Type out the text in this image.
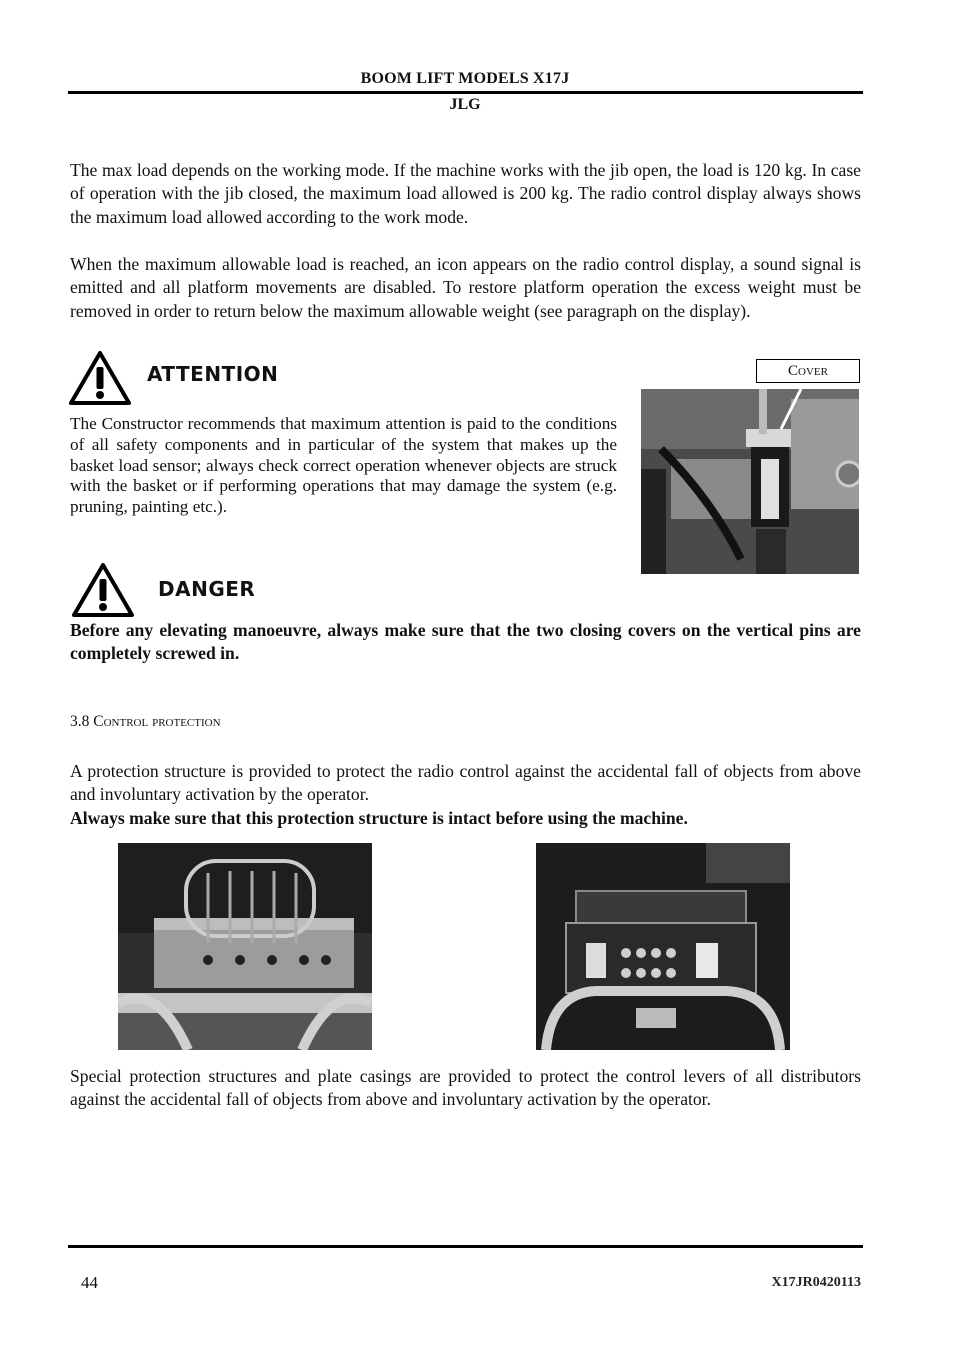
BOOM LIFT MODELS X17J
JLG

The max load depends on the working mode. If the machine works with the jib open, the load is 120 kg. In case of operation with the jib closed, the maximum load allowed is 200 kg. The radio control display always shows the maximum load allowed according to the work mode.

When the maximum allowable load is reached, an icon appears on the radio control display, a sound signal is emitted and all platform movements are disabled. To restore platform operation the excess weight must be removed in order to return below the maximum allowable weight (see paragraph on the display).

ATTENTION

The Constructor recommends that maximum attention is paid to the conditions of all safety components and in particular of the system that makes up the basket load sensor; always check correct operation whenever objects are struck with the basket or if performing operations that may damage the system (e.g. pruning, painting etc.).

Cover
DANGER

Before any elevating manoeuvre, always make sure that the two closing covers on the vertical pins are completely screwed in.

3.8 Control protection

A protection structure is provided to protect the radio control against the accidental fall of objects from above and involuntary activation by the operator.

Always make sure that this protection structure is intact before using the machine.

Special protection structures and plate casings are provided to protect the control levers of all distributors against the accidental fall of objects from above and involuntary activation by the operator.

44	X17JR0420113
